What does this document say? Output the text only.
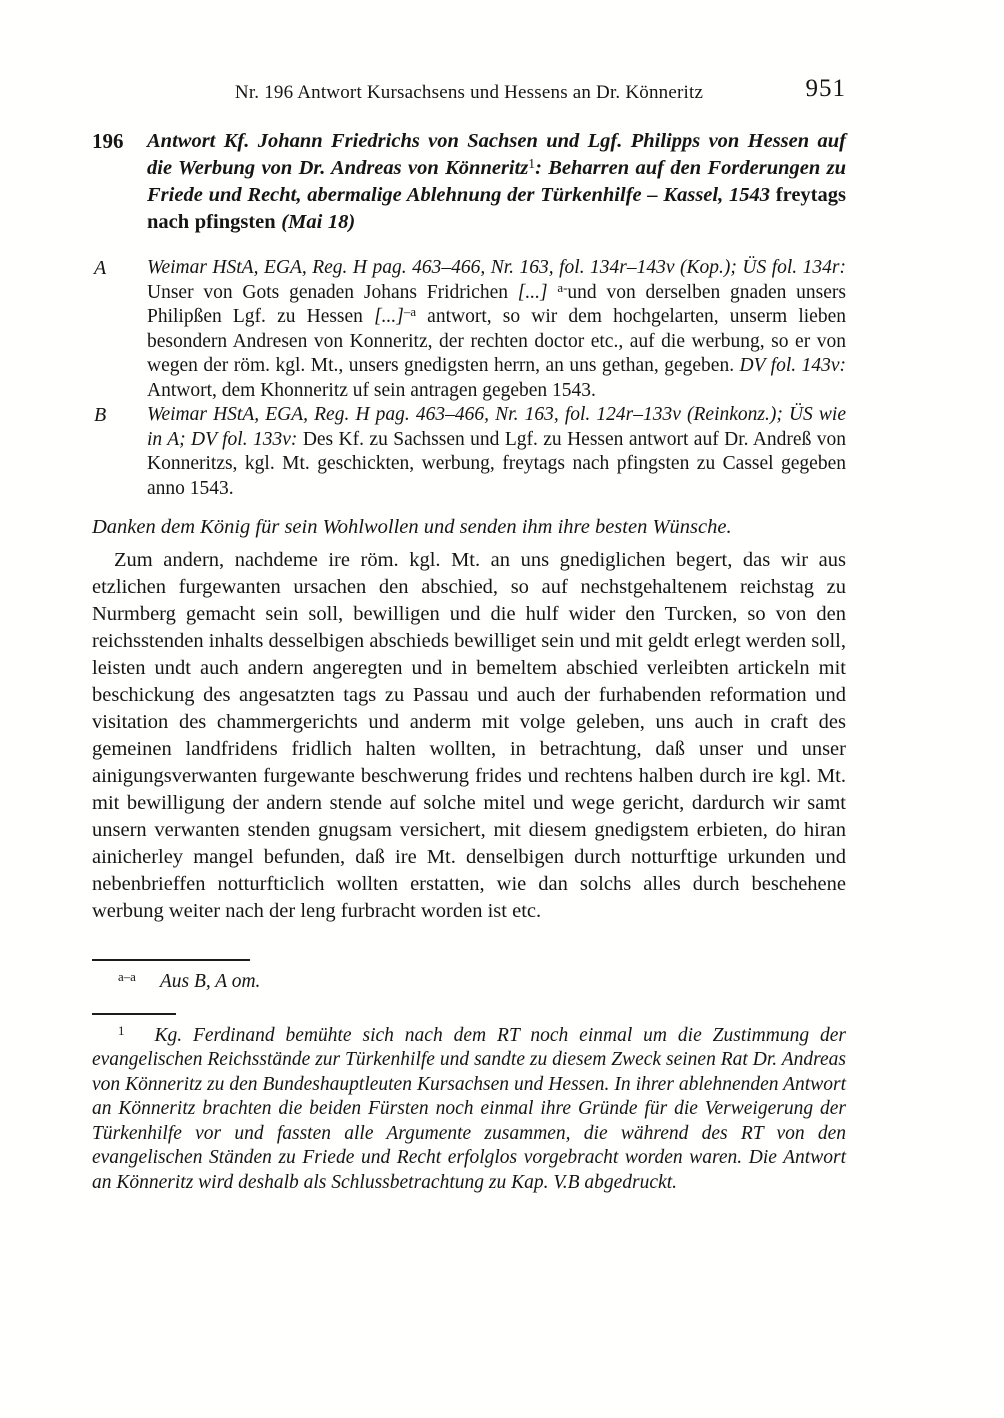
Nr. 196 Antwort Kursachsens und Hessens an Dr. Könneritz	951
196 Antwort Kf. Johann Friedrichs von Sachsen und Lgf. Philipps von Hessen auf die Werbung von Dr. Andreas von Könneritz$^1$: Beharren auf den Forderungen zu Friede und Recht, abermalige Ablehnung der Türkenhilfe – Kassel, 1543 freytags nach pfingsten (Mai 18)
A Weimar HStA, EGA, Reg. H pag. 463–466, Nr. 163, fol. 134r–143v (Kop.); ÜS fol. 134r: Unser von Gots genaden Johans Fridrichen [...] $^{a-}$und von derselben gnaden unsers Philipßen Lgf. zu Hessen [...]$^{-a}$ antwort, so wir dem hochgelarten, unserm lieben besondern Andresen von Konneritz, der rechten doctor etc., auf die werbung, so er von wegen der röm. kgl. Mt., unsers gnedigsten herrn, an uns gethan, gegeben. DV fol. 143v: Antwort, dem Khonneritz uf sein antragen gegeben 1543.
B Weimar HStA, EGA, Reg. H pag. 463–466, Nr. 163, fol. 124r–133v (Reinkonz.); ÜS wie in A; DV fol. 133v: Des Kf. zu Sachssen und Lgf. zu Hessen antwort auf Dr. Andreß von Konneritzs, kgl. Mt. geschickten, werbung, freytags nach pfingsten zu Cassel gegeben anno 1543.
Danken dem König für sein Wohlwollen und senden ihm ihre besten Wünsche.
Zum andern, nachdeme ire röm. kgl. Mt. an uns gnediglichen begert, das wir aus etzlichen furgewanten ursachen den abschied, so auf nechstgehaltenem reichstag zu Nurmberg gemacht sein soll, bewilligen und die hulf wider den Turcken, so von den reichsstenden inhalts desselbigen abschieds bewilliget sein und mit geldt erlegt werden soll, leisten undt auch andern angeregten und in bemeltem abschied verleibten artickeln mit beschickung des angesatzten tags zu Passau und auch der furhabenden reformation und visitation des chammergerichts und anderm mit volge geleben, uns auch in craft des gemeinen landfridens fridlich halten wollten, in betrachtung, daß unser und unser ainigungsverwanten furgewante beschwerung frides und rechtens halben durch ire kgl. Mt. mit bewilligung der andern stende auf solche mitel und wege gericht, dardurch wir samt unsern verwanten stenden gnugsam versichert, mit diesem gnedigstem erbieten, do hiran ainicherley mangel befunden, daß ire Mt. denselbigen durch notturftige urkunden und nebenbrieffen notturfticlich wollten erstatten, wie dan solchs alles durch beschehene werbung weiter nach der leng furbracht worden ist etc.
$^{a-a}$ Aus B, A om.
$^1$ Kg. Ferdinand bemühte sich nach dem RT noch einmal um die Zustimmung der evangelischen Reichsstände zur Türkenhilfe und sandte zu diesem Zweck seinen Rat Dr. Andreas von Könneritz zu den Bundeshauptleuten Kursachsen und Hessen. In ihrer ablehnenden Antwort an Könneritz brachten die beiden Fürsten noch einmal ihre Gründe für die Verweigerung der Türkenhilfe vor und fassten alle Argumente zusammen, die während des RT von den evangelischen Ständen zu Friede und Recht erfolglos vorgebracht worden waren. Die Antwort an Könneritz wird deshalb als Schlussbetrachtung zu Kap. V.B abgedruckt.
